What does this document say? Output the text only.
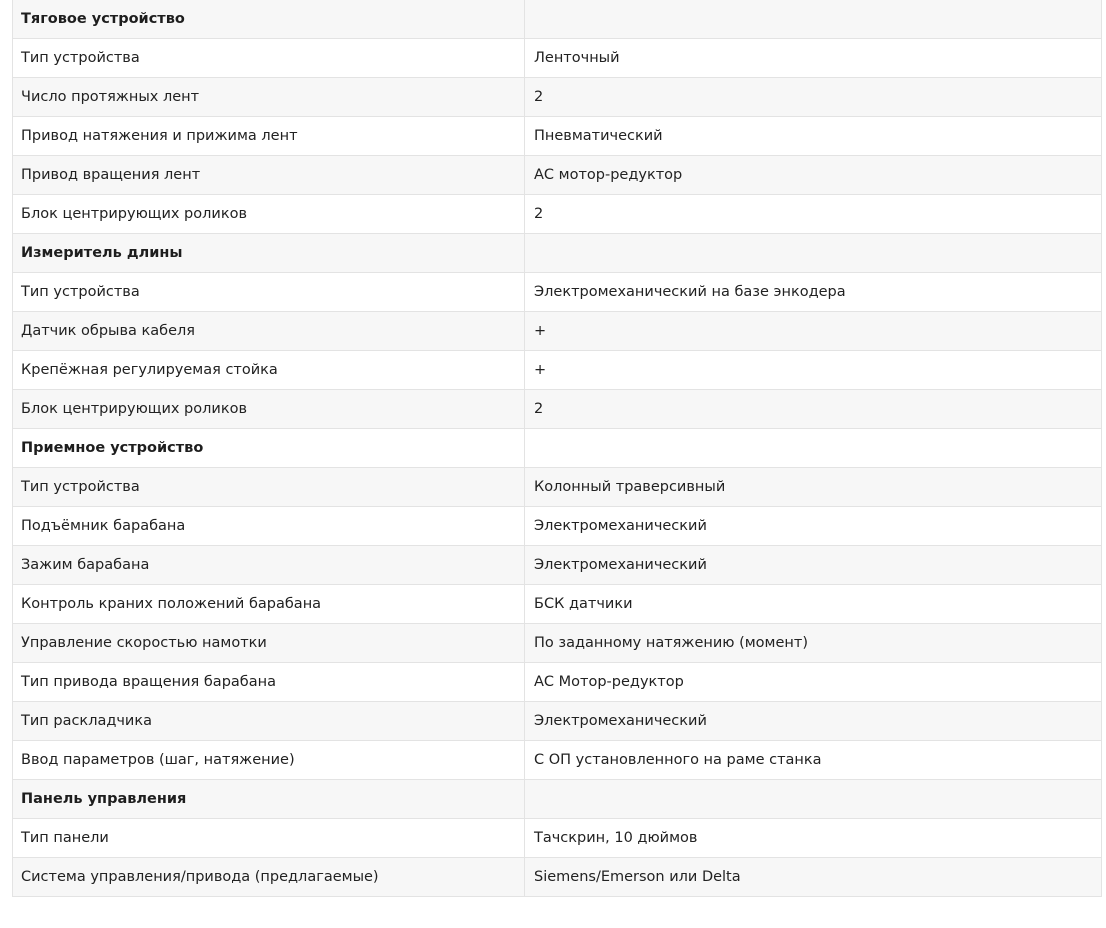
Тяговое устройство	
Тип устройства	Ленточный
Число протяжных лент	2
Привод натяжения и прижима лент	Пневматический
Привод вращения лент	АС мотор-редуктор
Блок центрирующих роликов	2
Измеритель длины	
Тип устройства	Электромеханический на базе энкодера
Датчик обрыва кабеля	+
Крепёжная регулируемая стойка	+
Блок центрирующих роликов	2
Приемное устройство	
Тип устройства	Колонный траверсивный
Подъёмник барабана	Электромеханический
Зажим барабана	Электромеханический
Контроль краних положений барабана	БСК датчики
Управление скоростью намотки	По заданному натяжению (момент)
Тип привода вращения барабана	АС Мотор-редуктор
Тип раскладчика	Электромеханический
Ввод параметров (шаг, натяжение)	С ОП установленного на раме станка
Панель управления	
Тип панели	Тачскрин, 10 дюймов
Система управления/привода (предлагаемые)	Siemens/Emerson или Delta
